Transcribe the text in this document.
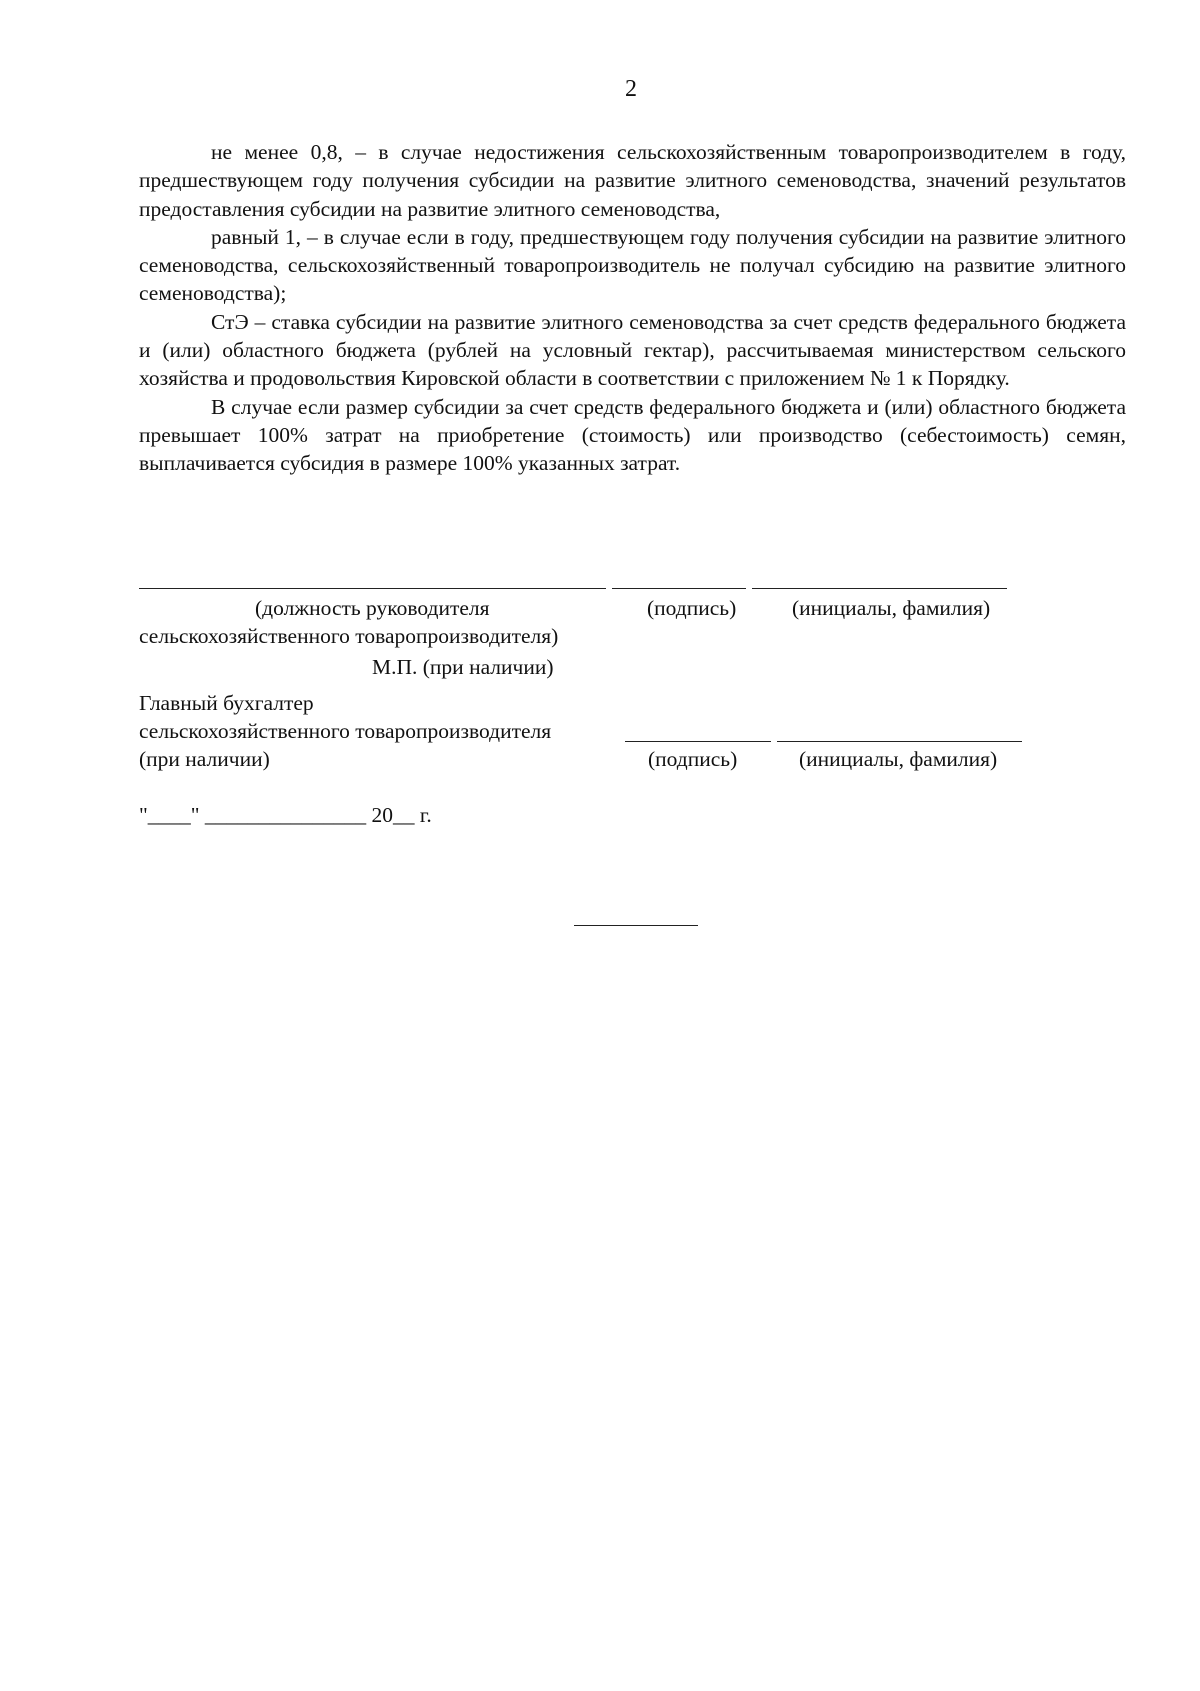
2

не менее 0,8, – в случае недостижения сельскохозяйственным товаропроизводителем в году, предшествующем году получения субсидии на развитие элитного семеноводства, значений результатов предоставления субсидии на развитие элитного семеноводства,

равный 1, – в случае если в году, предшествующем году получения субсидии на развитие элитного семеноводства, сельскохозяйственный товаропроизводитель не получал субсидию на развитие элитного семеноводства);

СтЭ – ставка субсидии на развитие элитного семеноводства за счет средств федерального бюджета и (или) областного бюджета (рублей на условный гектар), рассчитываемая министерством сельского хозяйства и продовольствия Кировской области в соответствии с приложением № 1 к Порядку.

В случае если размер субсидии за счет средств федерального бюджета и (или) областного бюджета превышает 100% затрат на приобретение (стоимость) или производство (себестоимость) семян, выплачивается субсидия в размере 100% указанных затрат.

(должность руководителя	(подпись)	(инициалы, фамилия)
сельскохозяйственного товаропроизводителя)
М.П. (при наличии)
Главный бухгалтер
сельскохозяйственного товаропроизводителя
(при наличии)	(подпись)	(инициалы, фамилия)
"____" _______________ 20__ г.
